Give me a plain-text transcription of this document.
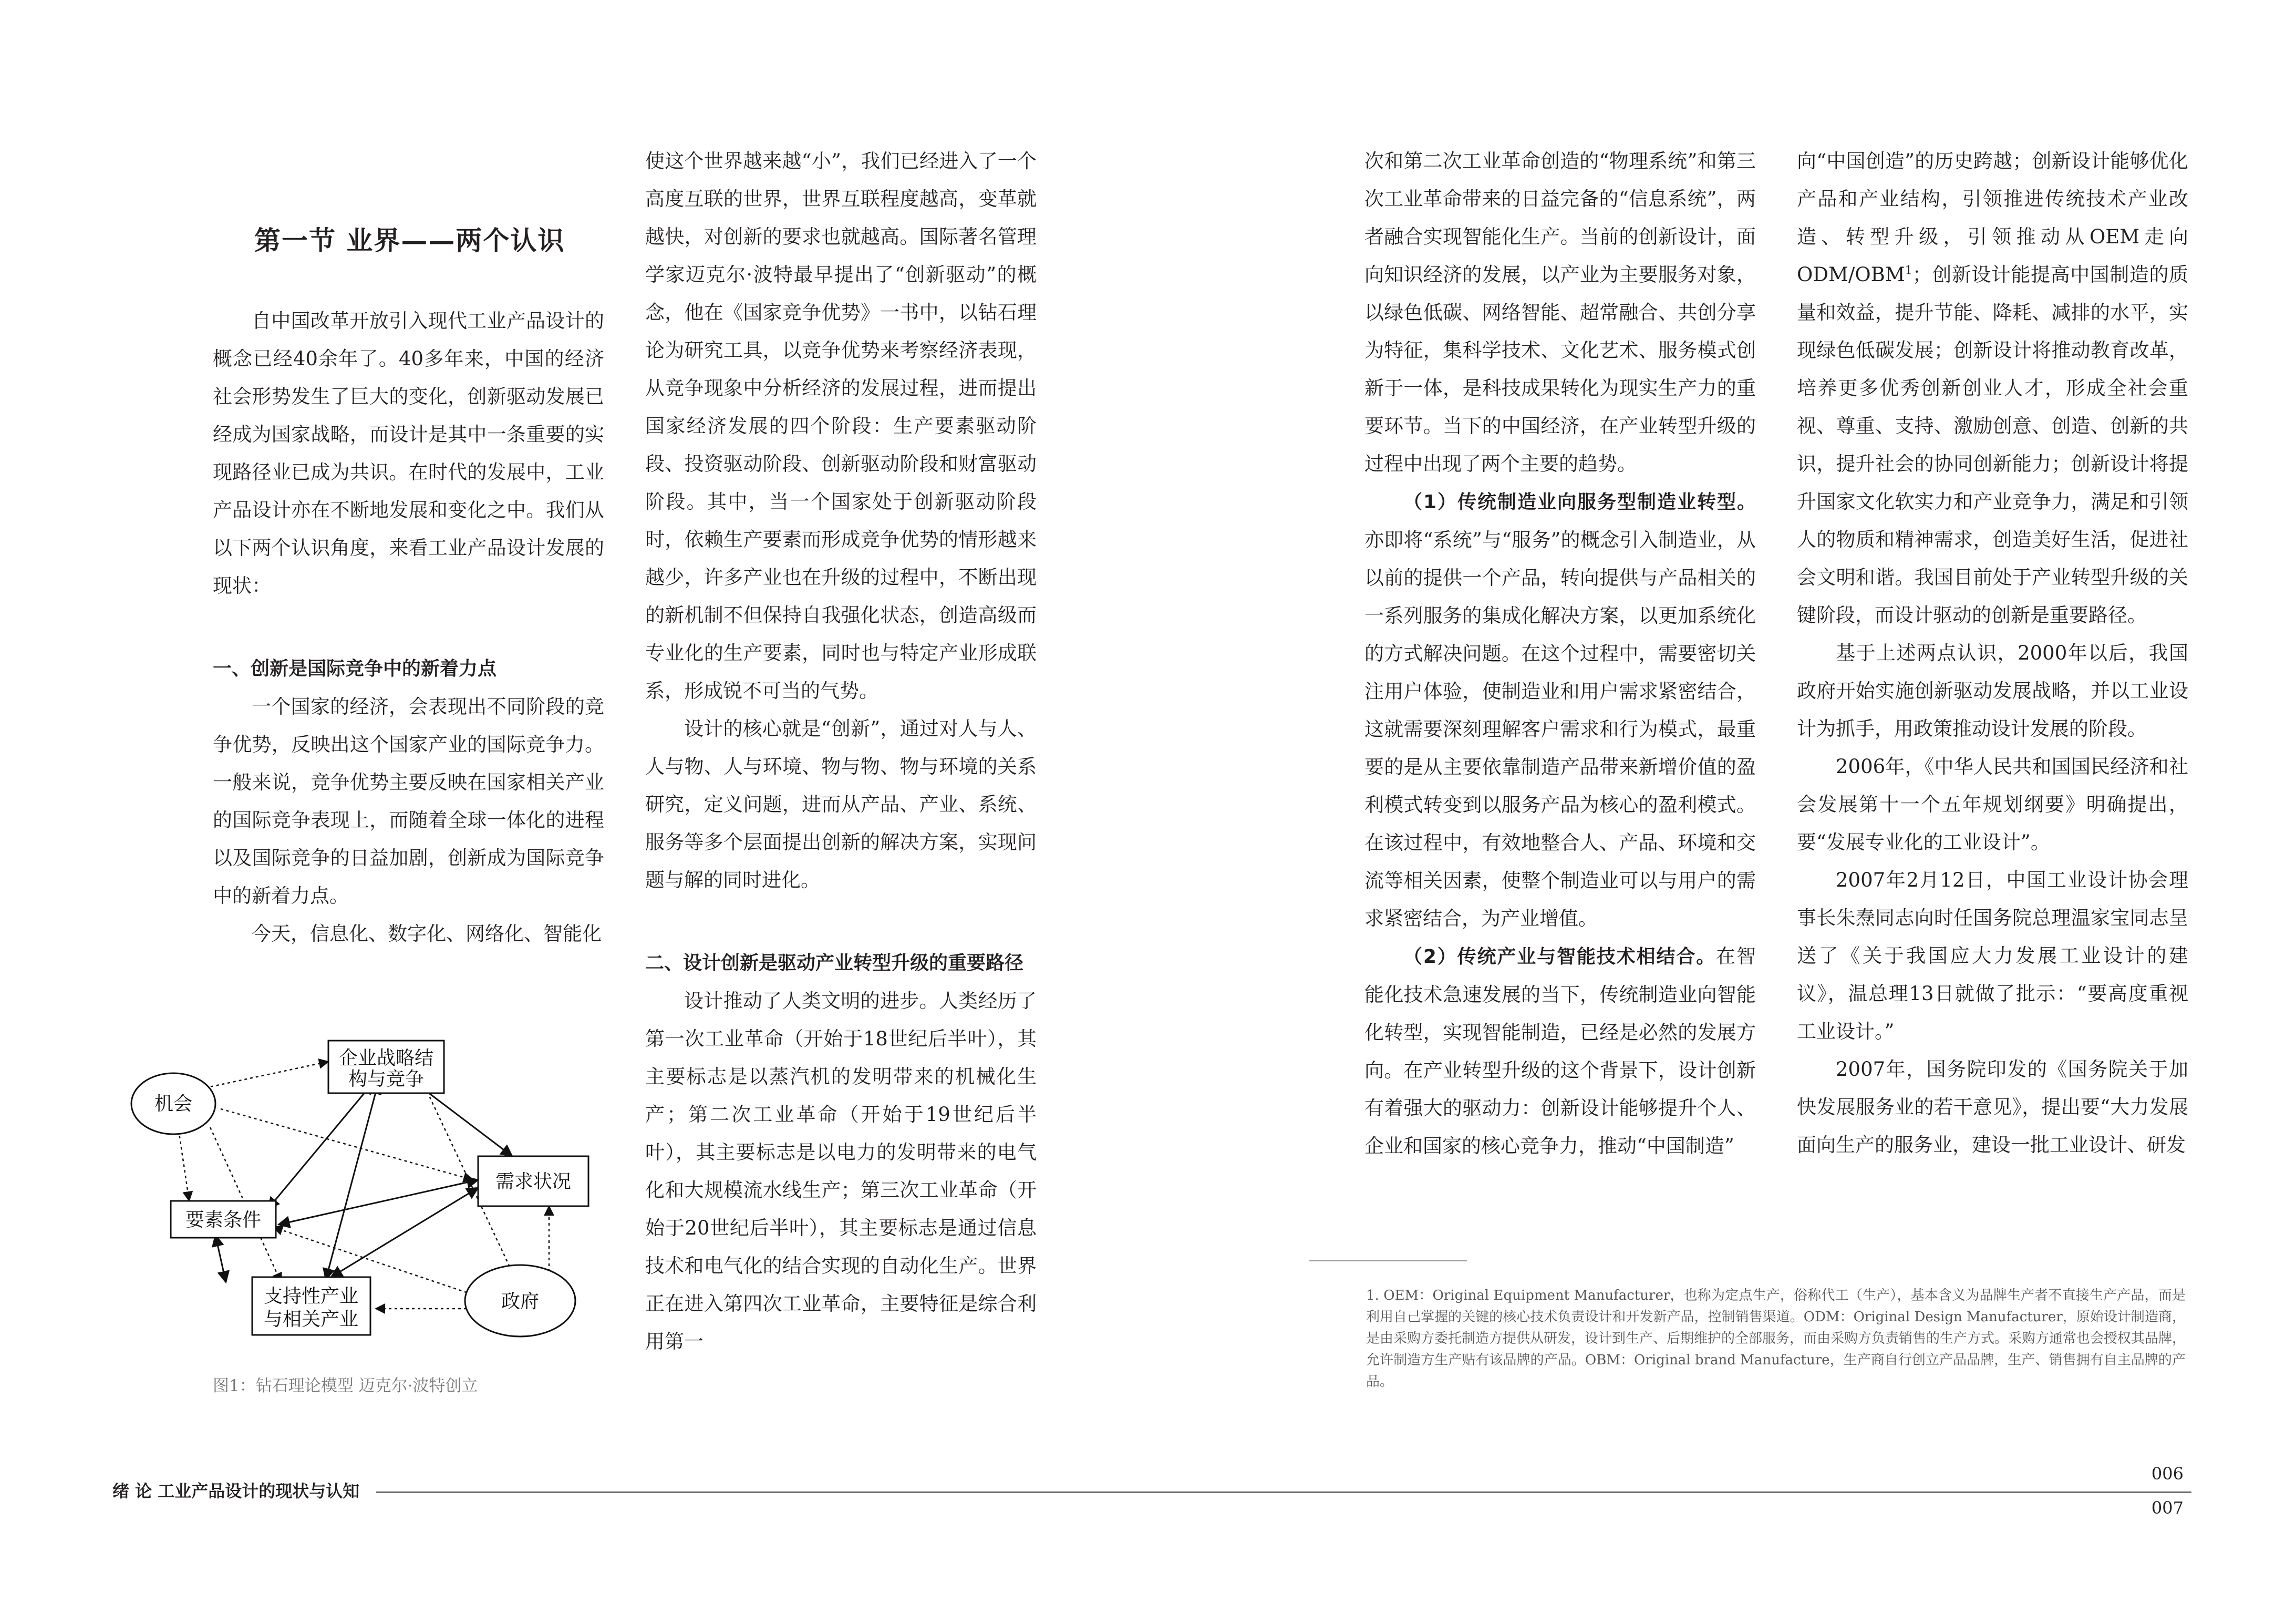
第一节 业界——两个认识

自中国改革开放引入现代工业产品设计的概念已经40余年了。40多年来，中国的经济社会形势发生了巨大的变化，创新驱动发展已经成为国家战略，而设计是其中一条重要的实现路径业已成为共识。在时代的发展中，工业产品设计亦在不断地发展和变化之中。我们从以下两个认识角度，来看工业产品设计发展的现状：

一、创新是国际竞争中的新着力点

一个国家的经济，会表现出不同阶段的竞争优势，反映出这个国家产业的国际竞争力。一般来说，竞争优势主要反映在国家相关产业的国际竞争表现上，而随着全球一体化的进程以及国际竞争的日益加剧，创新成为国际竞争中的新着力点。

今天，信息化、数字化、网络化、智能化

企业战略结
构与竞争
机会
需求状况
要素条件
支持性产业
与相关产业
政府
图1：钻石理论模型 迈克尔·波特创立

使这个世界越来越“小”，我们已经进入了一个高度互联的世界，世界互联程度越高，变革就越快，对创新的要求也就越高。国际著名管理学家迈克尔·波特最早提出了“创新驱动”的概念，他在《国家竞争优势》一书中，以钻石理论为研究工具，以竞争优势来考察经济表现，从竞争现象中分析经济的发展过程，进而提出国家经济发展的四个阶段：生产要素驱动阶段、投资驱动阶段、创新驱动阶段和财富驱动阶段。其中，当一个国家处于创新驱动阶段时，依赖生产要素而形成竞争优势的情形越来越少，许多产业也在升级的过程中，不断出现的新机制不但保持自我强化状态，创造高级而专业化的生产要素，同时也与特定产业形成联系，形成锐不可当的气势。

设计的核心就是“创新”，通过对人与人、人与物、人与环境、物与物、物与环境的关系研究，定义问题，进而从产品、产业、系统、服务等多个层面提出创新的解决方案，实现问题与解的同时进化。

二、设计创新是驱动产业转型升级的重要路径

设计推动了人类文明的进步。人类经历了第一次工业革命（开始于18世纪后半叶），其主要标志是以蒸汽机的发明带来的机械化生产；第二次工业革命（开始于19世纪后半叶），其主要标志是以电力的发明带来的电气化和大规模流水线生产；第三次工业革命（开始于20世纪后半叶），其主要标志是通过信息技术和电气化的结合实现的自动化生产。世界正在进入第四次工业革命，主要特征是综合利用第一

次和第二次工业革命创造的“物理系统”和第三次工业革命带来的日益完备的“信息系统”，两者融合实现智能化生产。当前的创新设计，面向知识经济的发展，以产业为主要服务对象，以绿色低碳、网络智能、超常融合、共创分享为特征，集科学技术、文化艺术、服务模式创新于一体，是科技成果转化为现实生产力的重要环节。当下的中国经济，在产业转型升级的过程中出现了两个主要的趋势。

（1）传统制造业向服务型制造业转型。亦即将“系统”与“服务”的概念引入制造业，从以前的提供一个产品，转向提供与产品相关的一系列服务的集成化解决方案，以更加系统化的方式解决问题。在这个过程中，需要密切关注用户体验，使制造业和用户需求紧密结合，这就需要深刻理解客户需求和行为模式，最重要的是从主要依靠制造产品带来新增价值的盈利模式转变到以服务产品为核心的盈利模式。在该过程中，有效地整合人、产品、环境和交流等相关因素，使整个制造业可以与用户的需求紧密结合，为产业增值。

（2）传统产业与智能技术相结合。在智能化技术急速发展的当下，传统制造业向智能化转型，实现智能制造，已经是必然的发展方向。在产业转型升级的这个背景下，设计创新有着强大的驱动力：创新设计能够提升个人、企业和国家的核心竞争力，推动“中国制造”

向“中国创造”的历史跨越；创新设计能够优化产品和产业结构，引领推进传统技术产业改造、转型升级，引领推动从OEM走向ODM/OBM$^1$；创新设计能提高中国制造的质量和效益，提升节能、降耗、减排的水平，实现绿色低碳发展；创新设计将推动教育改革，培养更多优秀创新创业人才，形成全社会重视、尊重、支持、激励创意、创造、创新的共识，提升社会的协同创新能力；创新设计将提升国家文化软实力和产业竞争力，满足和引领人的物质和精神需求，创造美好生活，促进社会文明和谐。我国目前处于产业转型升级的关键阶段，而设计驱动的创新是重要路径。

基于上述两点认识，2000年以后，我国政府开始实施创新驱动发展战略，并以工业设计为抓手，用政策推动设计发展的阶段。

2006年，《中华人民共和国国民经济和社会发展第十一个五年规划纲要》明确提出，要“发展专业化的工业设计”。

2007年2月12日，中国工业设计协会理事长朱焘同志向时任国务院总理温家宝同志呈送了《关于我国应大力发展工业设计的建议》，温总理13日就做了批示：“要高度重视工业设计。”

2007年，国务院印发的《国务院关于加快发展服务业的若干意见》，提出要“大力发展面向生产的服务业，建设一批工业设计、研发

1. OEM：Original Equipment Manufacturer，也称为定点生产，俗称代工（生产），基本含义为品牌生产者不直接生产产品，而是利用自己掌握的关键的核心技术负责设计和开发新产品，控制销售渠道。ODM：Original Design Manufacturer，原始设计制造商，是由采购方委托制造方提供从研发，设计到生产、后期维护的全部服务，而由采购方负责销售的生产方式。采购方通常也会授权其品牌，允许制造方生产贴有该品牌的产品。OBM：Original brand Manufacture，生产商自行创立产品品牌，生产、销售拥有自主品牌的产品。
绪 论 工业产品设计的现状与认知
006
007
